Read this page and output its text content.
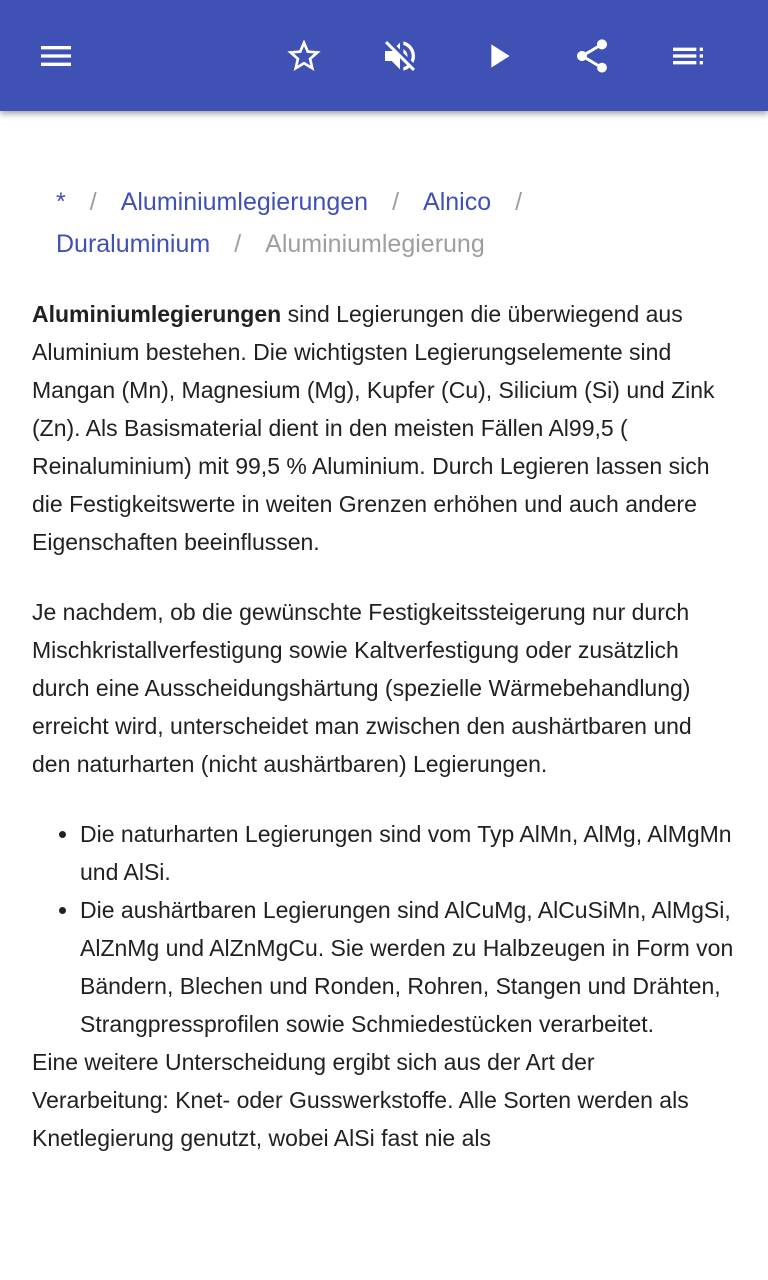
* / Aluminiumlegierungen / Alnico /
Duraluminium / Aluminiumlegierung

Aluminiumlegierungen sind Legierungen die überwiegend aus Aluminium bestehen. Die wichtigsten Legierungselemente sind Mangan (Mn), Magnesium (Mg), Kupfer (Cu), Silicium (Si) und Zink (Zn). Als Basismaterial dient in den meisten Fällen Al99,5 ( Reinaluminium) mit 99,5 % Aluminium. Durch Legieren lassen sich die Festigkeitswerte in weiten Grenzen erhöhen und auch andere Eigenschaften beeinflussen.

Je nachdem, ob die gewünschte Festigkeitssteigerung nur durch Mischkristallverfestigung sowie Kaltverfestigung oder zusätzlich durch eine Ausscheidungshärtung (spezielle Wärmebehandlung) erreicht wird, unterscheidet man zwischen den aushärtbaren und den naturharten (nicht aushärtbaren) Legierungen.

• Die naturharten Legierungen sind vom Typ AlMn, AlMg, AlMgMn und AlSi.
• Die aushärtbaren Legierungen sind AlCuMg, AlCuSiMn, AlMgSi, AlZnMg und AlZnMgCu. Sie werden zu Halbzeugen in Form von Bändern, Blechen und Ronden, Rohren, Stangen und Drähten, Strangpressprofilen sowie Schmiedestücken verarbeitet.

Eine weitere Unterscheidung ergibt sich aus der Art der Verarbeitung: Knet- oder Gusswerkstoffe. Alle Sorten werden als Knetlegierung genutzt, wobei AlSi fast nie als
